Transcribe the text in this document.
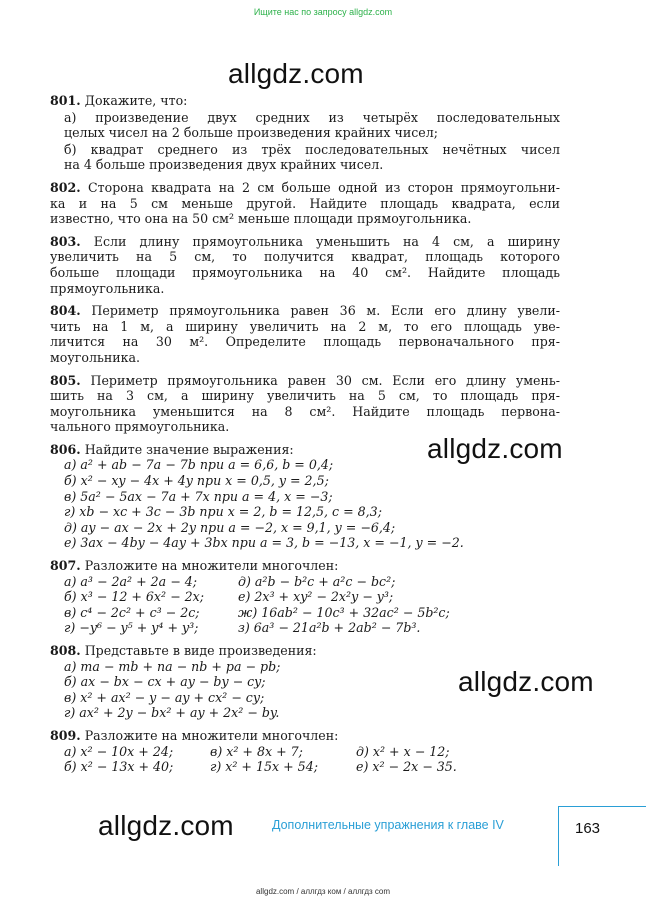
Ищите нас по запросу allgdz.com
allgdz.com
allgdz.com
allgdz.com
allgdz.com
801. Докажите, что:
а) произведение двух средних из четырёх последовательных
целых чисел на 2 больше произведения крайних чисел;
б) квадрат среднего из трёх последовательных нечётных чисел
на 4 больше произведения двух крайних чисел.
802. Сторона квадрата на 2 см больше одной из сторон прямоугольни-
ка и на 5 см меньше другой. Найдите площадь квадрата, если
известно, что она на 50 см² меньше площади прямоугольника.
803. Если длину прямоугольника уменьшить на 4 см, а ширину
увеличить на 5 см, то получится квадрат, площадь которого
больше площади прямоугольника на 40 см². Найдите площадь
прямоугольника.
804. Периметр прямоугольника равен 36 м. Если его длину увели-
чить на 1 м, а ширину увеличить на 2 м, то его площадь уве-
личится на 30 м². Определите площадь первоначального пря-
моугольника.
805. Периметр прямоугольника равен 30 см. Если его длину умень-
шить на 3 см, а ширину увеличить на 5 см, то площадь пря-
моугольника уменьшится на 8 см². Найдите площадь первона-
чального прямоугольника.
806. Найдите значение выражения:
а) a² + ab − 7a − 7b при a = 6,6, b = 0,4;
б) x² − xy − 4x + 4y при x = 0,5, y = 2,5;
в) 5a² − 5ax − 7a + 7x при a = 4, x = −3;
г) xb − xc + 3c − 3b при x = 2, b = 12,5, c = 8,3;
д) ay − ax − 2x + 2y при a = −2, x = 9,1, y = −6,4;
е) 3ax − 4by − 4ay + 3bx при a = 3, b = −13, x = −1, y = −2.
807. Разложите на множители многочлен:
а) a³ − 2a² + 2a − 4;	д) a²b − b²c + a²c − bc²;
б) x³ − 12 + 6x² − 2x;	е) 2x³ + xy² − 2x²y − y³;
в) c⁴ − 2c² + c³ − 2c;	ж) 16ab² − 10c³ + 32ac² − 5b²c;
г) −y⁶ − y⁵ + y⁴ + y³;	з) 6a³ − 21a²b + 2ab² − 7b³.
808. Представьте в виде произведения:
а) ma − mb + na − nb + pa − pb;
б) ax − bx − cx + ay − by − cy;
в) x² + ax² − y − ay + cx² − cy;
г) ax² + 2y − bx² + ay + 2x² − by.
809. Разложите на множители многочлен:
а) x² − 10x + 24;	в) x² + 8x + 7;	д) x² + x − 12;
б) x² − 13x + 40;	г) x² + 15x + 54;	е) x² − 2x − 35.
Дополнительные упражнения к главе IV	163
allgdz.com / аллгдз ком / аллгдз com
